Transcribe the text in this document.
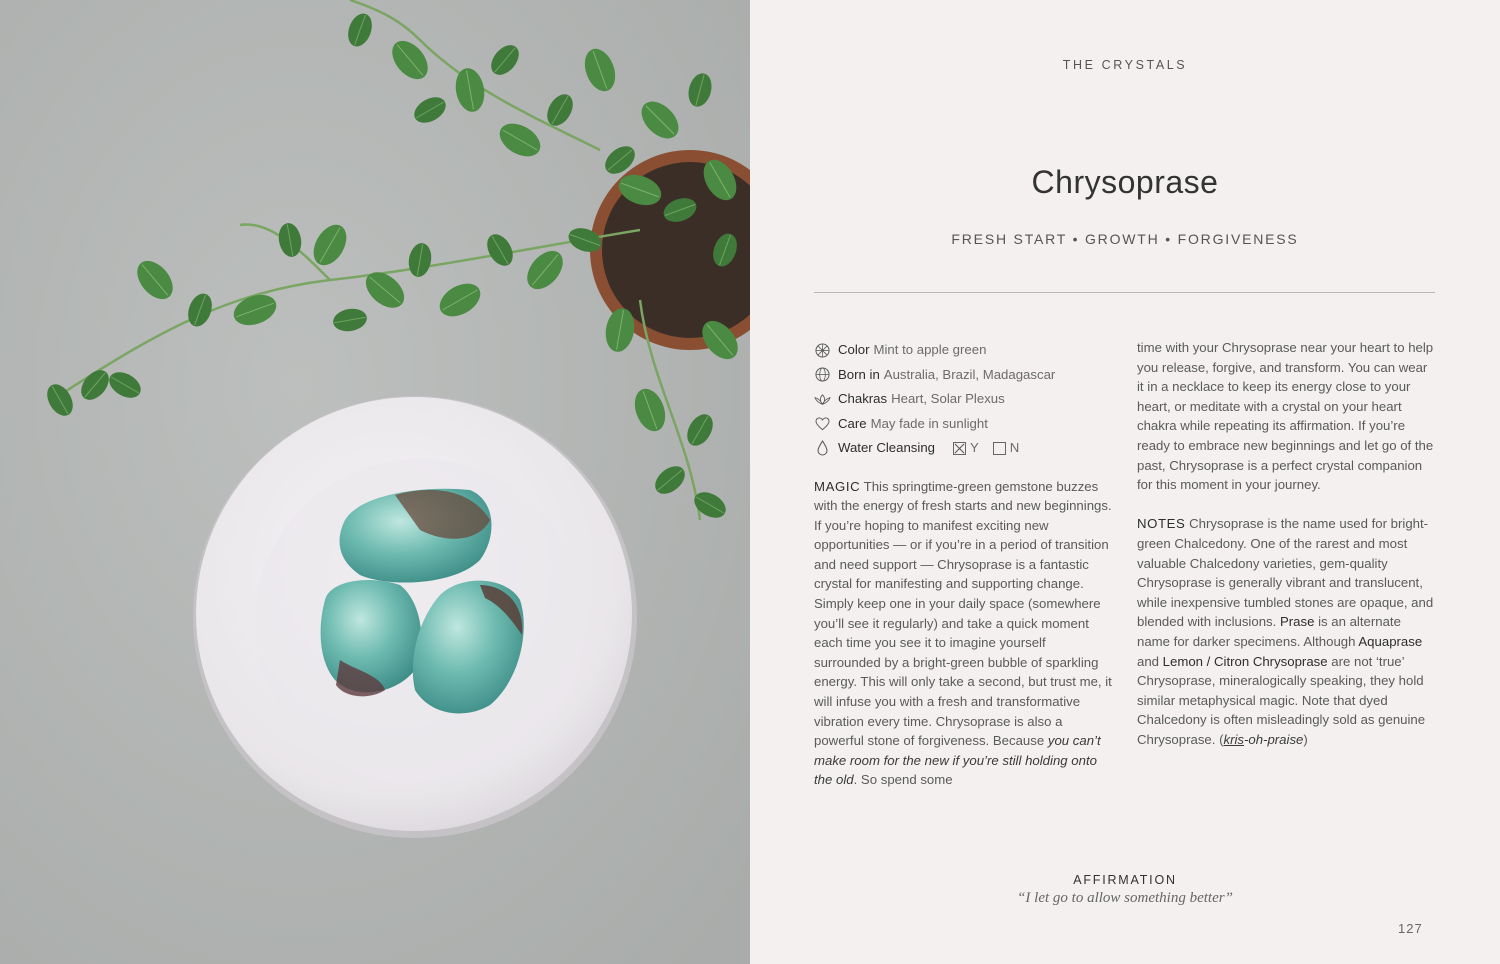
THE CRYSTALS
Chrysoprase
FRESH START • GROWTH • FORGIVENESS
Color Mint to apple green
Born in Australia, Brazil, Madagascar
Chakras Heart, Solar Plexus
Care May fade in sunlight
Water Cleansing	Y N

MAGIC This springtime-green gemstone buzzes with the energy of fresh starts and new beginnings. If you’re hoping to manifest exciting new opportunities — or if you’re in a period of transition and need support — Chrysoprase is a fantastic crystal for manifesting and supporting change. Simply keep one in your daily space (somewhere you’ll see it regularly) and take a quick moment each time you see it to imagine yourself surrounded by a bright-green bubble of sparkling energy. This will only take a second, but trust me, it will infuse you with a fresh and transformative vibration every time. Chrysoprase is also a powerful stone of forgiveness. Because you can’t make room for the new if you’re still holding onto the old. So spend some

time with your Chrysoprase near your heart to help you release, forgive, and transform. You can wear it in a necklace to keep its energy close to your heart, or meditate with a crystal on your heart chakra while repeating its affirmation. If you’re ready to embrace new beginnings and let go of the past, Chrysoprase is a perfect crystal companion for this moment in your journey.

NOTES Chrysoprase is the name used for bright-green Chalcedony. One of the rarest and most valuable Chalcedony varieties, gem-quality Chrysoprase is generally vibrant and translucent, while inexpensive tumbled stones are opaque, and blended with inclusions. Prase is an alternate name for darker specimens. Although Aquaprase and Lemon / Citron Chrysoprase are not ‘true’ Chrysoprase, mineralogically speaking, they hold similar metaphysical magic. Note that dyed Chalcedony is often misleadingly sold as genuine Chrysoprase. (kris-oh-praise)

AFFIRMATION
“I let go to allow something better”
127
